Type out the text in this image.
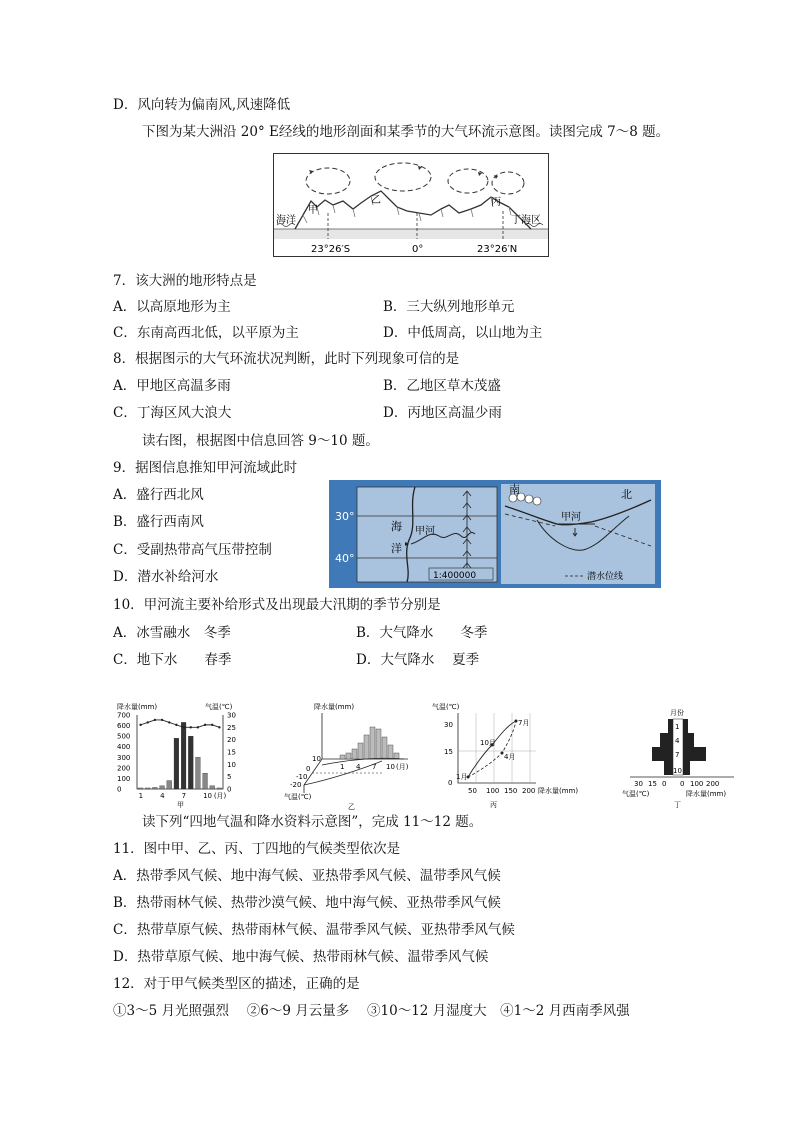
D．风向转为偏南风,风速降低
下图为某大洲沿 20° E经线的地形剖面和某季节的大气环流示意图。读图完成 7～8 题。
海洋
甲
乙	丙
丁海区
23°26′S	0°	23°26′N
7．该大洲的地形特点是
A．以高原地形为主	B．三大纵列地形单元
C．东南高西北低，以平原为主	D．中低周高，以山地为主
8．根据图示的大气环流状况判断，此时下列现象可信的是
A．甲地区高温多雨	B．乙地区草木茂盛
C．丁海区风大浪大	D．丙地区高温少雨
读右图，根据图中信息回答 9～10 题。
9．据图信息推知甲河流域此时
A．盛行西北风
B．盛行西南风
C．受副热带高气压带控制
D．潜水补给河水
30°
40°
海
洋
甲河
1:400000
南	北
甲河
潜水位线
10．甲河流主要补给形式及出现最大汛期的季节分别是
A．冰雪融水　冬季	B．大气降水　　冬季
C．地下水　　春季	D．大气降水　 夏季
降水量(mm)	气温(℃)
700
600
500
400
300
200
100
0
30
25
20
15
10
5
0
1 4 7 10 (月)
甲
降水量(mm)
1 4 7 10 (月)
10
0
-10
-20
气温(℃)
乙
气温(℃)
30
15
0
7月
10月
4月
1月
50 100 150 200 降水量(mm)
丙
月份
1
4
7
10
30 15 0 0 100 200
气温(℃)	降水量(mm)
丁
读下列“四地气温和降水资料示意图”，完成 11～12 题。
11．图中甲、乙、丙、丁四地的气候类型依次是
A．热带季风气候、地中海气候、亚热带季风气候、温带季风气候
B．热带雨林气候、热带沙漠气候、地中海气候、亚热带季风气候
C．热带草原气候、热带雨林气候、温带季风气候、亚热带季风气候
D．热带草原气候、地中海气候、热带雨林气候、温带季风气候
12．对于甲气候类型区的描述，正确的是
①3～5 月光照强烈　 ②6～9 月云量多　 ③10～12 月湿度大　④1～2 月西南季风强
